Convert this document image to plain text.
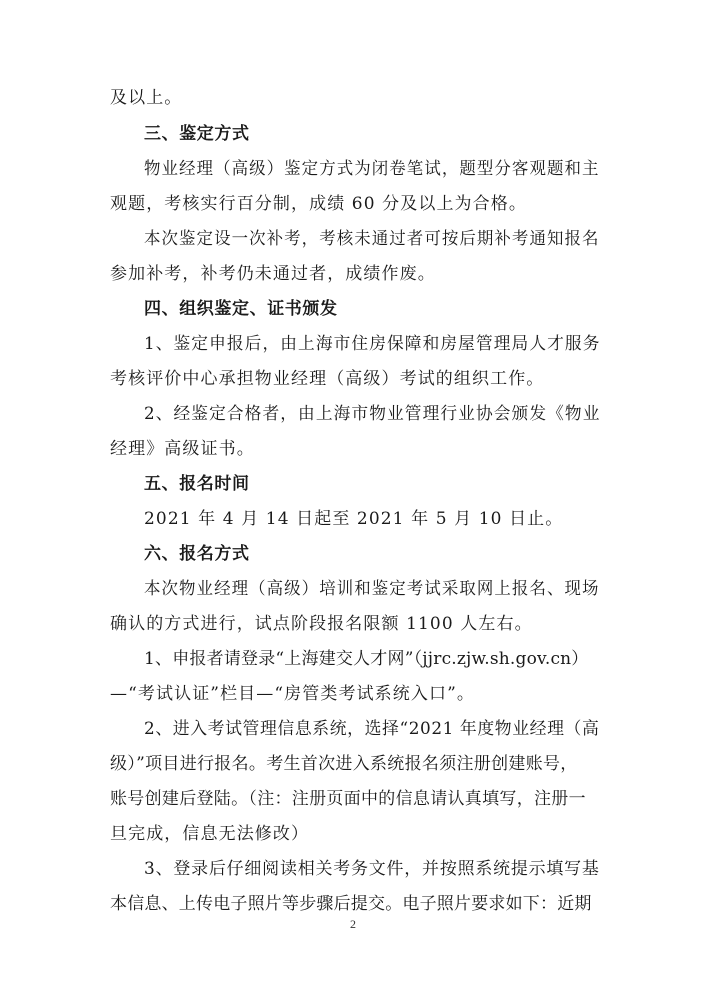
及以上。
三、鉴定方式
物业经理（高级）鉴定方式为闭卷笔试，题型分客观题和主
观题，考核实行百分制，成绩 60 分及以上为合格。
本次鉴定设一次补考，考核未通过者可按后期补考通知报名
参加补考，补考仍未通过者，成绩作废。
四、组织鉴定、证书颁发
1、鉴定申报后，由上海市住房保障和房屋管理局人才服务
考核评价中心承担物业经理（高级）考试的组织工作。
2、经鉴定合格者，由上海市物业管理行业协会颁发《物业
经理》高级证书。
五、报名时间
2021 年 4 月 14 日起至 2021 年 5 月 10 日止。
六、报名方式
本次物业经理（高级）培训和鉴定考试采取网上报名、现场
确认的方式进行，试点阶段报名限额 1100 人左右。
1、申报者请登录“上海建交人才网”（jjrc.zjw.sh.gov.cn）
—“考试认证”栏目—“房管类考试系统入口”。
2、进入考试管理信息系统，选择“2021 年度物业经理（高
级）”项目进行报名。考生首次进入系统报名须注册创建账号，
账号创建后登陆。（注：注册页面中的信息请认真填写，注册一
旦完成，信息无法修改）
3、登录后仔细阅读相关考务文件，并按照系统提示填写基
本信息、上传电子照片等步骤后提交。电子照片要求如下：近期
2
